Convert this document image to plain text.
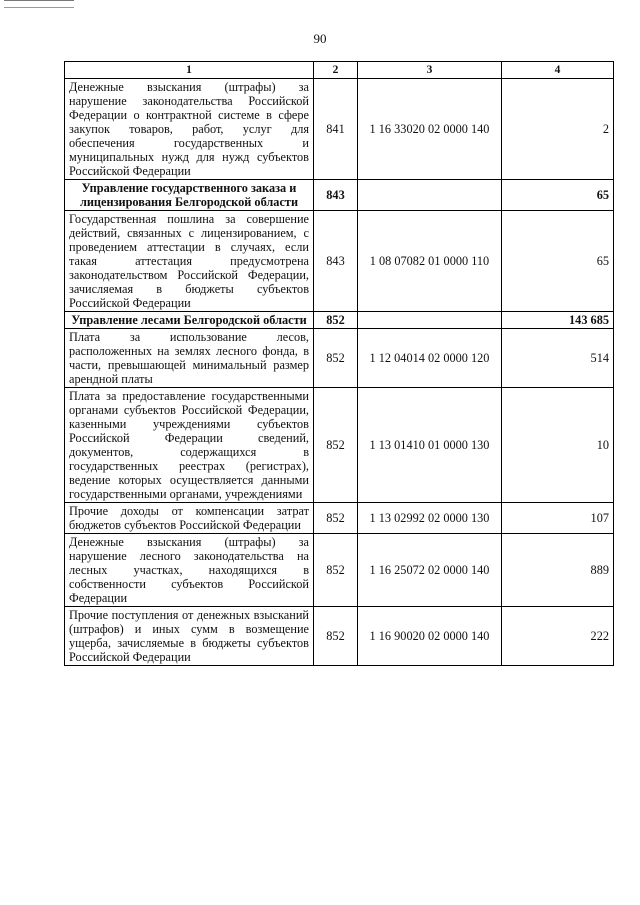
90
1	2	3	4
Денежные взыскания (штрафы) за нарушение законодательства Российской Федерации о контрактной системе в сфере закупок товаров, работ, услуг для обеспечения государственных и муниципальных нужд для нужд субъектов Российской Федерации	841	1 16 33020 02 0000 140	2
Управление государственного заказа и лицензирования Белгородской области	843		65
Государственная пошлина за совершение действий, связанных с лицензированием, с проведением аттестации в случаях, если такая аттестация предусмотрена законодательством Российской Федерации, зачисляемая в бюджеты субъектов Российской Федерации	843	1 08 07082 01 0000 110	65
Управление лесами Белгородской области	852		143 685
Плата за использование лесов, расположенных на землях лесного фонда, в части, превышающей минимальный размер арендной платы	852	1 12 04014 02 0000 120	514
Плата за предоставление государственными органами субъектов Российской Федерации, казенными учреждениями субъектов Российской Федерации сведений, документов, содержащихся в государственных реестрах (регистрах), ведение которых осуществляется данными государственными органами, учреждениями	852	1 13 01410 01 0000 130	10
Прочие доходы от компенсации затрат бюджетов субъектов Российской Федерации	852	1 13 02992 02 0000 130	107
Денежные взыскания (штрафы) за нарушение лесного законодательства на лесных участках, находящихся в собственности субъектов Российской Федерации	852	1 16 25072 02 0000 140	889
Прочие поступления от денежных взысканий (штрафов) и иных сумм в возмещение ущерба, зачисляемые в бюджеты субъектов Российской Федерации	852	1 16 90020 02 0000 140	222
